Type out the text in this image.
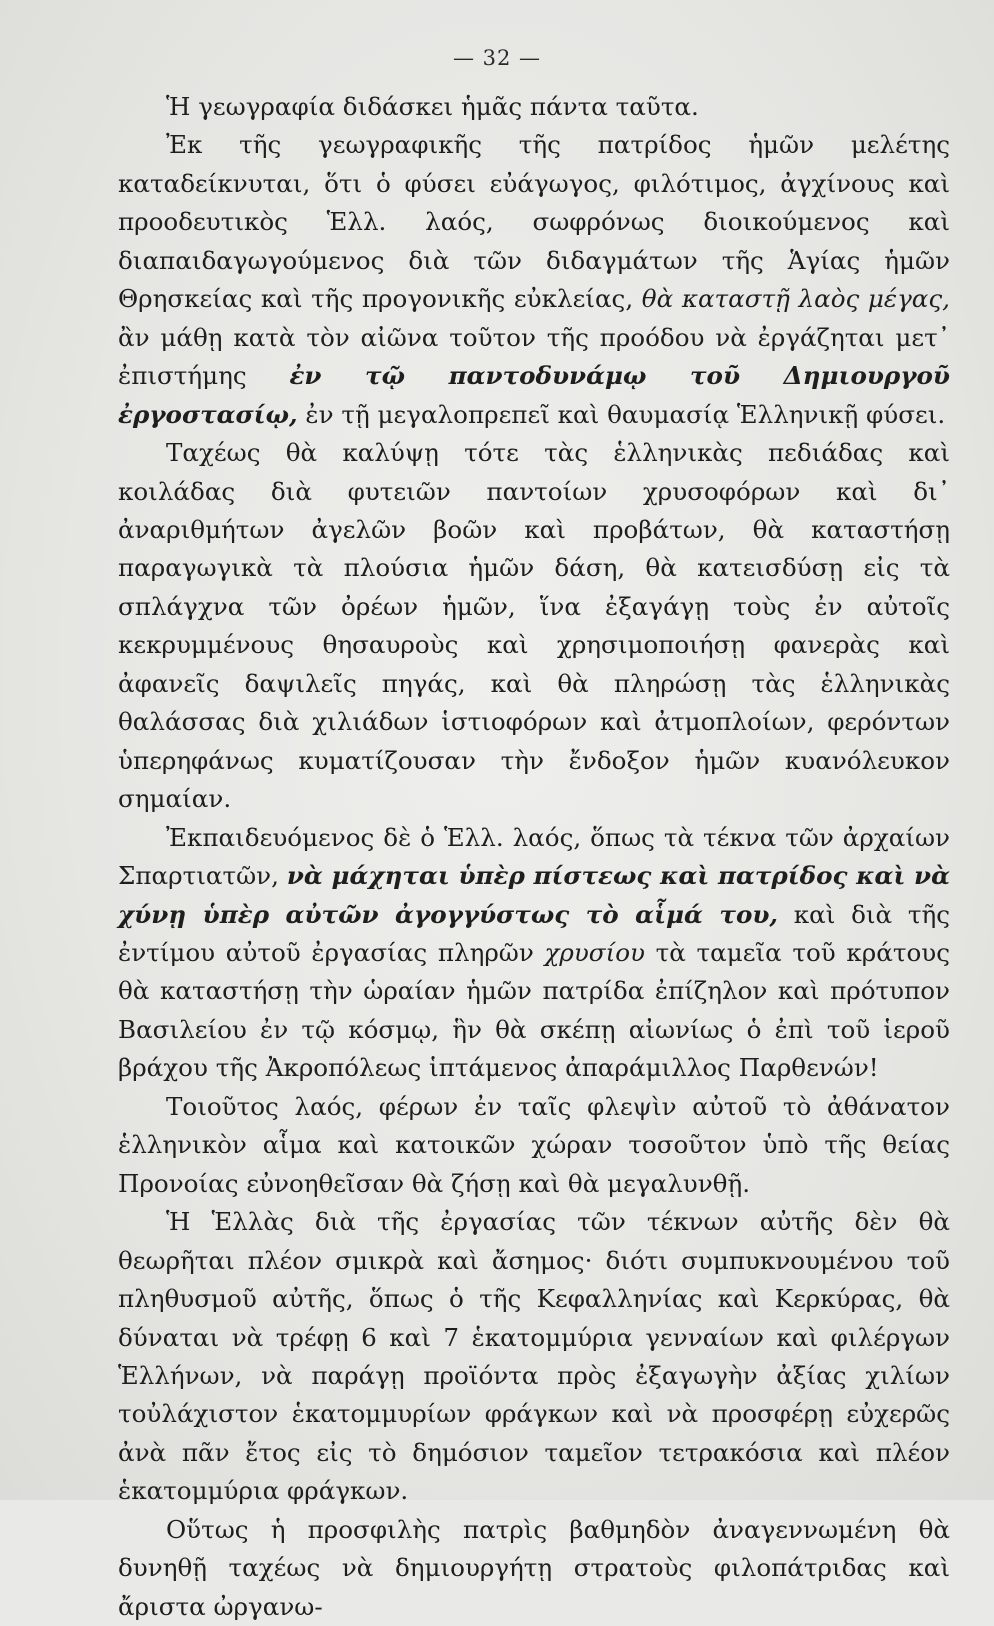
— 32 —

Ἡ γεωγραφία διδάσκει ἡμᾶς πάντα ταῦτα.

Ἐκ τῆς γεωγραφικῆς τῆς πατρίδος ἡμῶν μελέτης καταδείκνυται, ὅτι ὁ φύσει εὐάγωγος, φιλότιμος, ἀγχίνους καὶ προοδευτικὸς Ἑλλ. λαός, σωφρόνως διοικούμενος καὶ διαπαιδαγωγούμενος διὰ τῶν διδαγμάτων τῆς Ἁγίας ἡμῶν Θρησκείας καὶ τῆς προγονικῆς εὐκλείας, θὰ καταστῇ λαὸς μέγας, ἂν μάθῃ κατὰ τὸν αἰῶνα τοῦτον τῆς προόδου νὰ ἐργάζηται μετ᾽ ἐπιστήμης ἐν τῷ παντοδυνάμῳ τοῦ Δημιουργοῦ ἐργοστασίῳ, ἐν τῇ μεγαλοπρεπεῖ καὶ θαυμασίᾳ Ἑλληνικῇ φύσει.

Ταχέως θὰ καλύψῃ τότε τὰς ἑλληνικὰς πεδιάδας καὶ κοιλάδας διὰ φυτειῶν παντοίων χρυσοφόρων καὶ δι᾽ ἀναριθμήτων ἀγελῶν βοῶν καὶ προβάτων, θὰ καταστήσῃ παραγωγικὰ τὰ πλούσια ἡμῶν δάση, θὰ κατεισδύσῃ εἰς τὰ σπλάγχνα τῶν ὀρέων ἡμῶν, ἵνα ἐξαγάγῃ τοὺς ἐν αὐτοῖς κεκρυμμένους θησαυροὺς καὶ χρησιμοποιήσῃ φανερὰς καὶ ἀφανεῖς δαψιλεῖς πηγάς, καὶ θὰ πληρώσῃ τὰς ἑλληνικὰς θαλάσσας διὰ χιλιάδων ἱστιοφόρων καὶ ἀτμοπλοίων, φερόντων ὑπερηφάνως κυματίζουσαν τὴν ἔνδοξον ἡμῶν κυανόλευκον σημαίαν.

Ἐκπαιδευόμενος δὲ ὁ Ἑλλ. λαός, ὅπως τὰ τέκνα τῶν ἀρχαίων Σπαρτιατῶν, νὰ μάχηται ὑπὲρ πίστεως καὶ πατρίδος καὶ νὰ χύνῃ ὑπὲρ αὐτῶν ἀγογγύστως τὸ αἷμά του, καὶ διὰ τῆς ἐντίμου αὐτοῦ ἐργασίας πληρῶν χρυσίου τὰ ταμεῖα τοῦ κράτους θὰ καταστήσῃ τὴν ὡραίαν ἡμῶν πατρίδα ἐπίζηλον καὶ πρότυπον Βασιλείου ἐν τῷ κόσμῳ, ἣν θὰ σκέπῃ αἰωνίως ὁ ἐπὶ τοῦ ἱεροῦ βράχου τῆς Ἀκροπόλεως ἱπτάμενος ἀπαράμιλλος Παρθενών!

Τοιοῦτος λαός, φέρων ἐν ταῖς φλεψὶν αὐτοῦ τὸ ἀθάνατον ἑλληνικὸν αἷμα καὶ κατοικῶν χώραν τοσοῦτον ὑπὸ τῆς θείας Προνοίας εὐνοηθεῖσαν θὰ ζήσῃ καὶ θὰ μεγαλυνθῇ.

Ἡ Ἑλλὰς διὰ τῆς ἐργασίας τῶν τέκνων αὐτῆς δὲν θὰ θεωρῆται πλέον σμικρὰ καὶ ἄσημος· διότι συμπυκνουμένου τοῦ πληθυσμοῦ αὐτῆς, ὅπως ὁ τῆς Κεφαλληνίας καὶ Κερκύρας, θὰ δύναται νὰ τρέφῃ 6 καὶ 7 ἑκατομμύρια γενναίων καὶ φιλέργων Ἑλλήνων, νὰ παράγῃ προϊόντα πρὸς ἐξαγωγὴν ἀξίας χιλίων τοὐλάχιστον ἑκατομμυρίων φράγκων καὶ νὰ προσφέρῃ εὐχερῶς ἀνὰ πᾶν ἔτος εἰς τὸ δημόσιον ταμεῖον τετρακόσια καὶ πλέον ἑκατομμύρια φράγκων.

Οὕτως ἡ προσφιλὴς πατρὶς βαθμηδὸν ἀναγεννωμένη θὰ δυνηθῇ ταχέως νὰ δημιουργήτῃ στρατοὺς φιλοπάτριδας καὶ ἄριστα ὠργανω-
